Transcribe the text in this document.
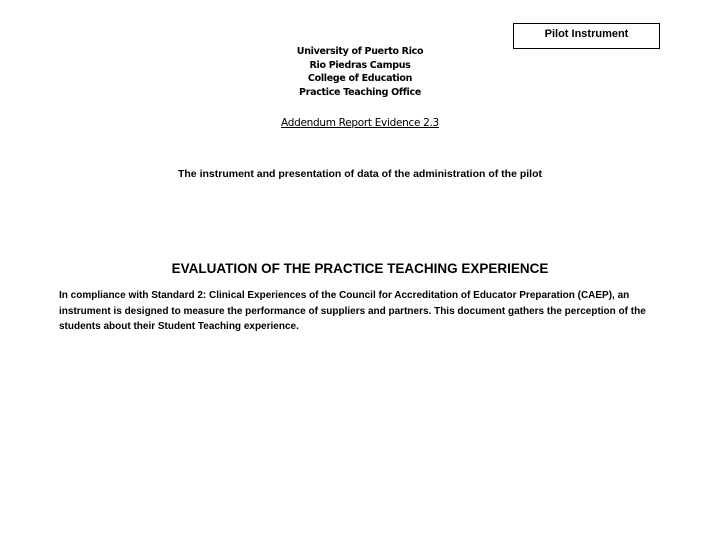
Pilot Instrument
University of Puerto Rico
Rio Piedras Campus
College of Education
Practice Teaching Office
Addendum Report Evidence 2.3
The instrument and presentation of data of the administration of the pilot
EVALUATION OF THE PRACTICE TEACHING EXPERIENCE
In compliance with Standard 2: Clinical Experiences of the Council for Accreditation of Educator Preparation (CAEP), an instrument is designed to measure the performance of suppliers and partners. This document gathers the perception of the students about their Student Teaching experience.
